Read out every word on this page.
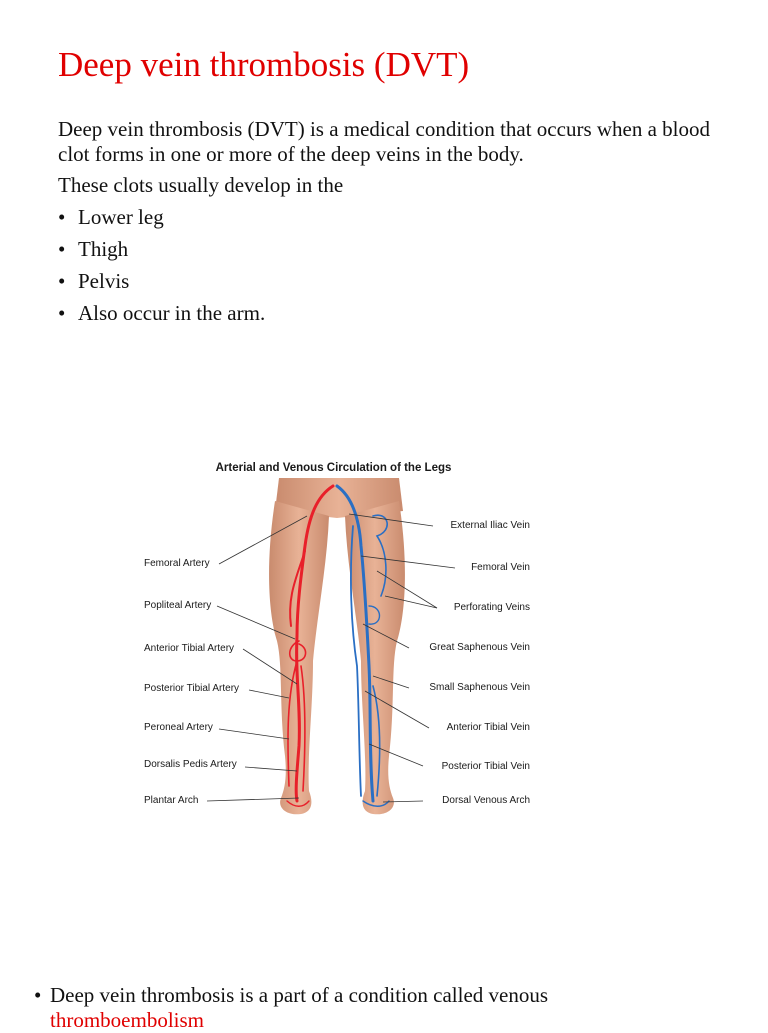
Deep vein thrombosis (DVT)

Deep vein thrombosis (DVT) is a medical condition that occurs when a blood clot forms in one or more of the deep veins in the body.

These clots usually develop in the

• Lower leg
• Thigh
• Pelvis
• Also occur in the arm.
Arterial and Venous Circulation of the Legs
Femoral Artery
Popliteal Artery
Anterior Tibial Artery
Posterior Tibial Artery
Peroneal Artery
Dorsalis Pedis Artery
Plantar Arch
External Iliac Vein
Femoral Vein
Perforating Veins
Great Saphenous Vein
Small Saphenous Vein
Anterior Tibial Vein
Posterior Tibial Vein
Dorsal Venous Arch
• Deep vein thrombosis is a part of a condition called venous
thromboembolism
